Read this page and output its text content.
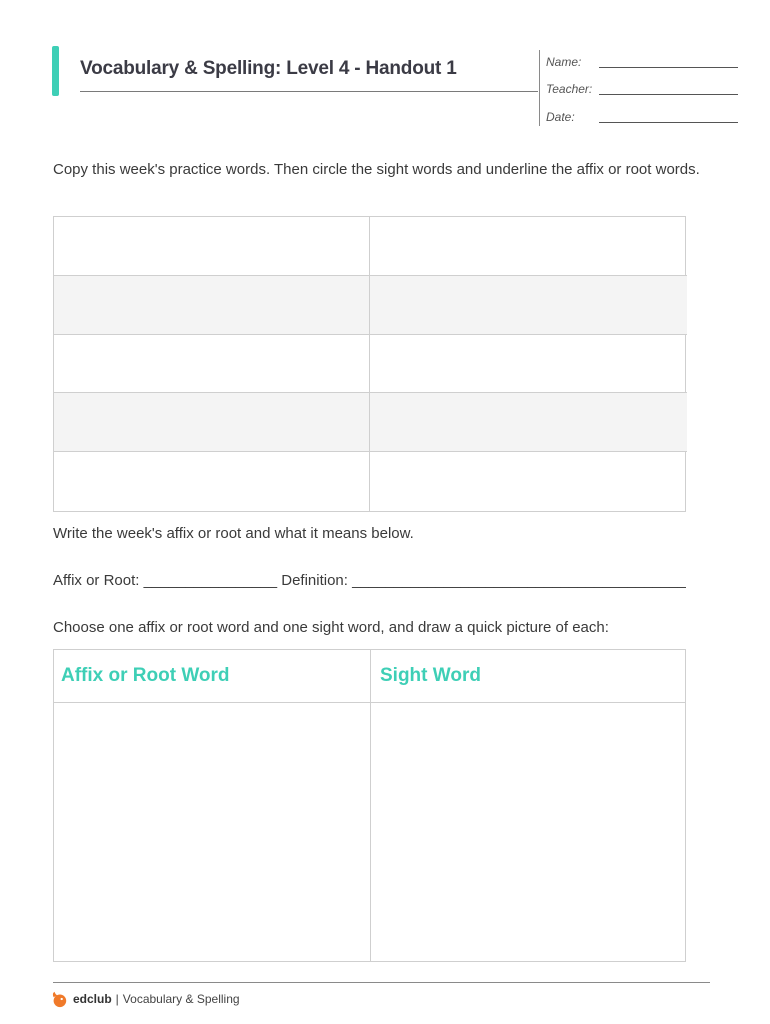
Vocabulary & Spelling: Level 4 - Handout 1	Name:
Teacher:
Date:
Copy this week's practice words. Then circle the sight words and underline the affix or root words.
Write the week's affix or root and what it means below.
Affix or Root: ________________ Definition: ________________________________________
Choose one affix or root word and one sight word, and draw a quick picture of each:
Affix or Root Word	Sight Word
edclub | Vocabulary & Spelling
